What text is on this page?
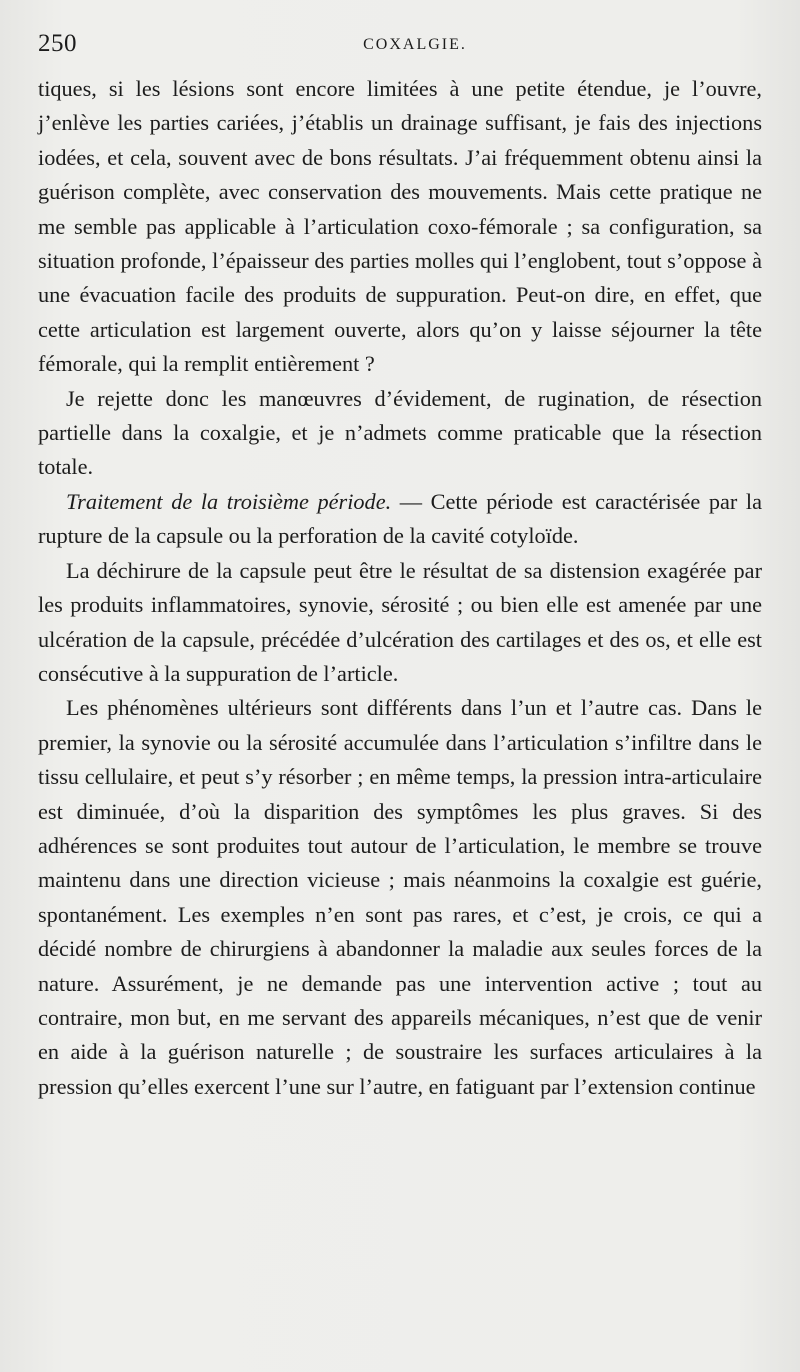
250	COXALGIE.

tiques, si les lésions sont encore limitées à une petite étendue, je l’ouvre, j’enlève les parties cariées, j’établis un drainage suffisant, je fais des injections iodées, et cela, souvent avec de bons résultats. J’ai fréquemment obtenu ainsi la guérison complète, avec conservation des mouvements. Mais cette pratique ne me semble pas applicable à l’articulation coxo-fémorale ; sa configuration, sa situation profonde, l’épaisseur des parties molles qui l’englobent, tout s’oppose à une évacuation facile des produits de suppuration. Peut-on dire, en effet, que cette articulation est largement ouverte, alors qu’on y laisse séjourner la tête fémorale, qui la remplit entièrement ?

Je rejette donc les manœuvres d’évidement, de rugination, de résection partielle dans la coxalgie, et je n’admets comme praticable que la résection totale.

Traitement de la troisième période. — Cette période est caractérisée par la rupture de la capsule ou la perforation de la cavité cotyloïde.

La déchirure de la capsule peut être le résultat de sa distension exagérée par les produits inflammatoires, synovie, sérosité ; ou bien elle est amenée par une ulcération de la capsule, précédée d’ulcération des cartilages et des os, et elle est consécutive à la suppuration de l’article.

Les phénomènes ultérieurs sont différents dans l’un et l’autre cas. Dans le premier, la synovie ou la sérosité accumulée dans l’articulation s’infiltre dans le tissu cellulaire, et peut s’y résorber ; en même temps, la pression intra-articulaire est diminuée, d’où la disparition des symptômes les plus graves. Si des adhérences se sont produites tout autour de l’articulation, le membre se trouve maintenu dans une direction vicieuse ; mais néanmoins la coxalgie est guérie, spontanément. Les exemples n’en sont pas rares, et c’est, je crois, ce qui a décidé nombre de chirurgiens à abandonner la maladie aux seules forces de la nature. Assurément, je ne demande pas une intervention active ; tout au contraire, mon but, en me servant des appareils mécaniques, n’est que de venir en aide à la guérison naturelle ; de soustraire les surfaces articulaires à la pression qu’elles exercent l’une sur l’autre, en fatiguant par l’extension continue
